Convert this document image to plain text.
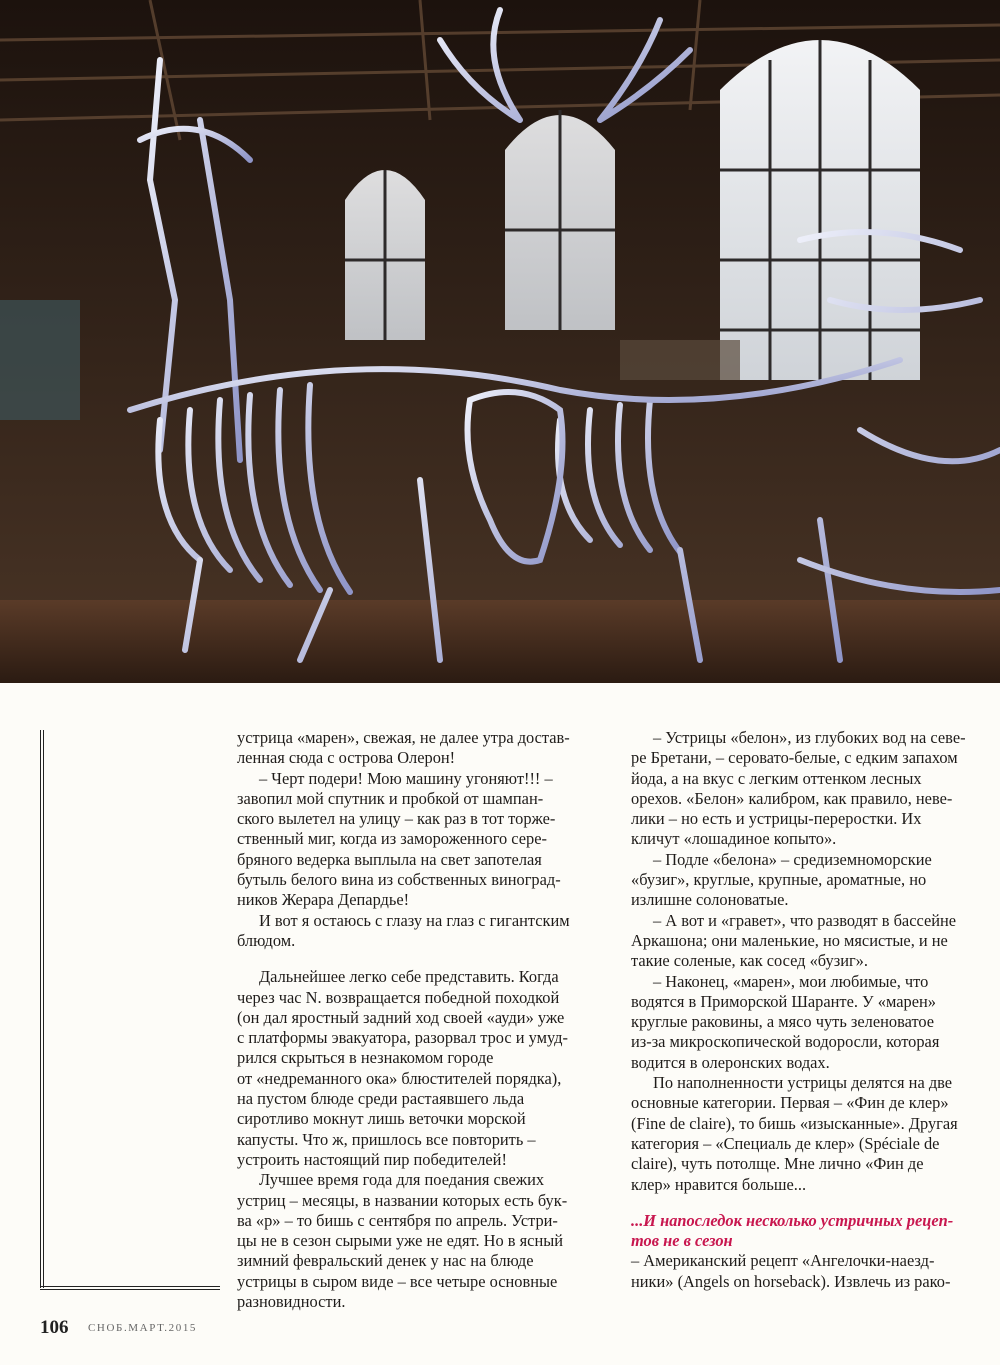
устрица «марен», свежая, не далее утра достав-

ленная сюда с острова Олерон!

– Черт подери! Мою машину угоняют!!! –

завопил мой спутник и пробкой от шампан-

ского вылетел на улицу – как раз в тот торже-

ственный миг, когда из замороженного сере-

бряного ведерка выплыла на свет запотелая

бутыль белого вина из собственных виноград-

ников Жерара Депардье!

И вот я остаюсь с глазу на глаз с гигантским

блюдом.

Дальнейшее легко себе представить. Когда

через час N. возвращается победной походкой

(он дал яростный задний ход своей «ауди» уже

с платформы эвакуатора, разорвал трос и умуд-

рился скрыться в незнакомом городе

от «недреманного ока» блюстителей порядка),

на пустом блюде среди растаявшего льда

сиротливо мокнут лишь веточки морской

капусты. Что ж, пришлось все повторить –

устроить настоящий пир победителей!

Лучшее время года для поедания свежих

устриц – месяцы, в названии которых есть бук-

ва «р» – то бишь с сентября по апрель. Устри-

цы не в сезон сырыми уже не едят. Но в ясный

зимний февральский денек у нас на блюде

устрицы в сыром виде – все четыре основные

разновидности.

– Устрицы «белон», из глубоких вод на севе-

ре Бретани, – серовато-белые, с едким запахом

йода, а на вкус с легким оттенком лесных

орехов. «Белон» калибром, как правило, неве-

лики – но есть и устрицы-переростки. Их

кличут «лошадиное копыто».

– Подле «белона» – средиземноморские

«бузиг», круглые, крупные, ароматные, но

излишне солоноватые.

– А вот и «гравет», что разводят в бассейне

Аркашона; они маленькие, но мясистые, и не

такие соленые, как сосед «бузиг».

– Наконец, «марен», мои любимые, что

водятся в Приморской Шаранте. У «марен»

круглые раковины, а мясо чуть зеленоватое

из-за микроскопической водоросли, которая

водится в олеронских водах.

По наполненности устрицы делятся на две

основные категории. Первая – «Фин де клер»

(Fine de claire), то бишь «изысканные». Другая

категория – «Специаль де клер» (Spéciale de

claire), чуть потолще. Мне лично «Фин де

клер» нравится больше...

...И напоследок несколько устричных рецеп-

тов не в сезон

– Американский рецепт «Ангелочки-наезд-

ники» (Angels on horseback). Извлечь из рако-

106 СНОБ.МАРТ.2015
